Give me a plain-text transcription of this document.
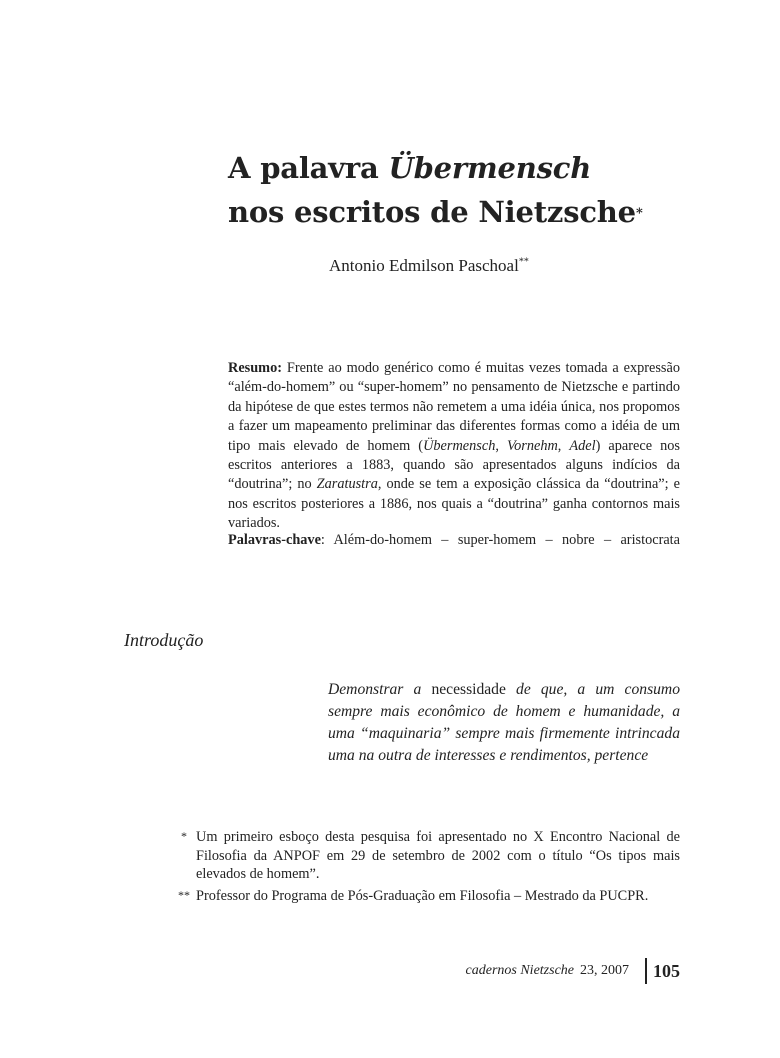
A palavra Übermensch
nos escritos de Nietzsche*
Antonio Edmilson Paschoal**

Resumo: Frente ao modo genérico como é muitas vezes tomada a expressão “além-do-homem” ou “super-homem” no pensamento de Nietzsche e partindo da hipótese de que estes termos não remetem a uma idéia única, nos propomos a fazer um mapeamento preliminar das diferentes formas como a idéia de um tipo mais elevado de homem (Übermensch, Vornehm, Adel) aparece nos escritos anteriores a 1883, quando são apresentados alguns indícios da “doutrina”; no Zaratustra, onde se tem a exposição clássica da “doutrina”; e nos escritos posteriores a 1886, nos quais a “doutrina” ganha contornos mais variados.

Palavras-chave: Além-do-homem – super-homem – nobre – aristocrata
Introdução
Demonstrar a necessidade de que, a um consumo sempre mais econômico de homem e humanidade, a uma “maquinaria” sempre mais firmemente intrincada uma na outra de interesses e rendimentos, pertence
* Um primeiro esboço desta pesquisa foi apresentado no X Encontro Nacional de Filosofia da ANPOF em 29 de setembro de 2002 com o título “Os tipos mais elevados de homem”.
** Professor do Programa de Pós-Graduação em Filosofia – Mestrado da PUCPR.
cadernos Nietzsche 23, 2007 105
